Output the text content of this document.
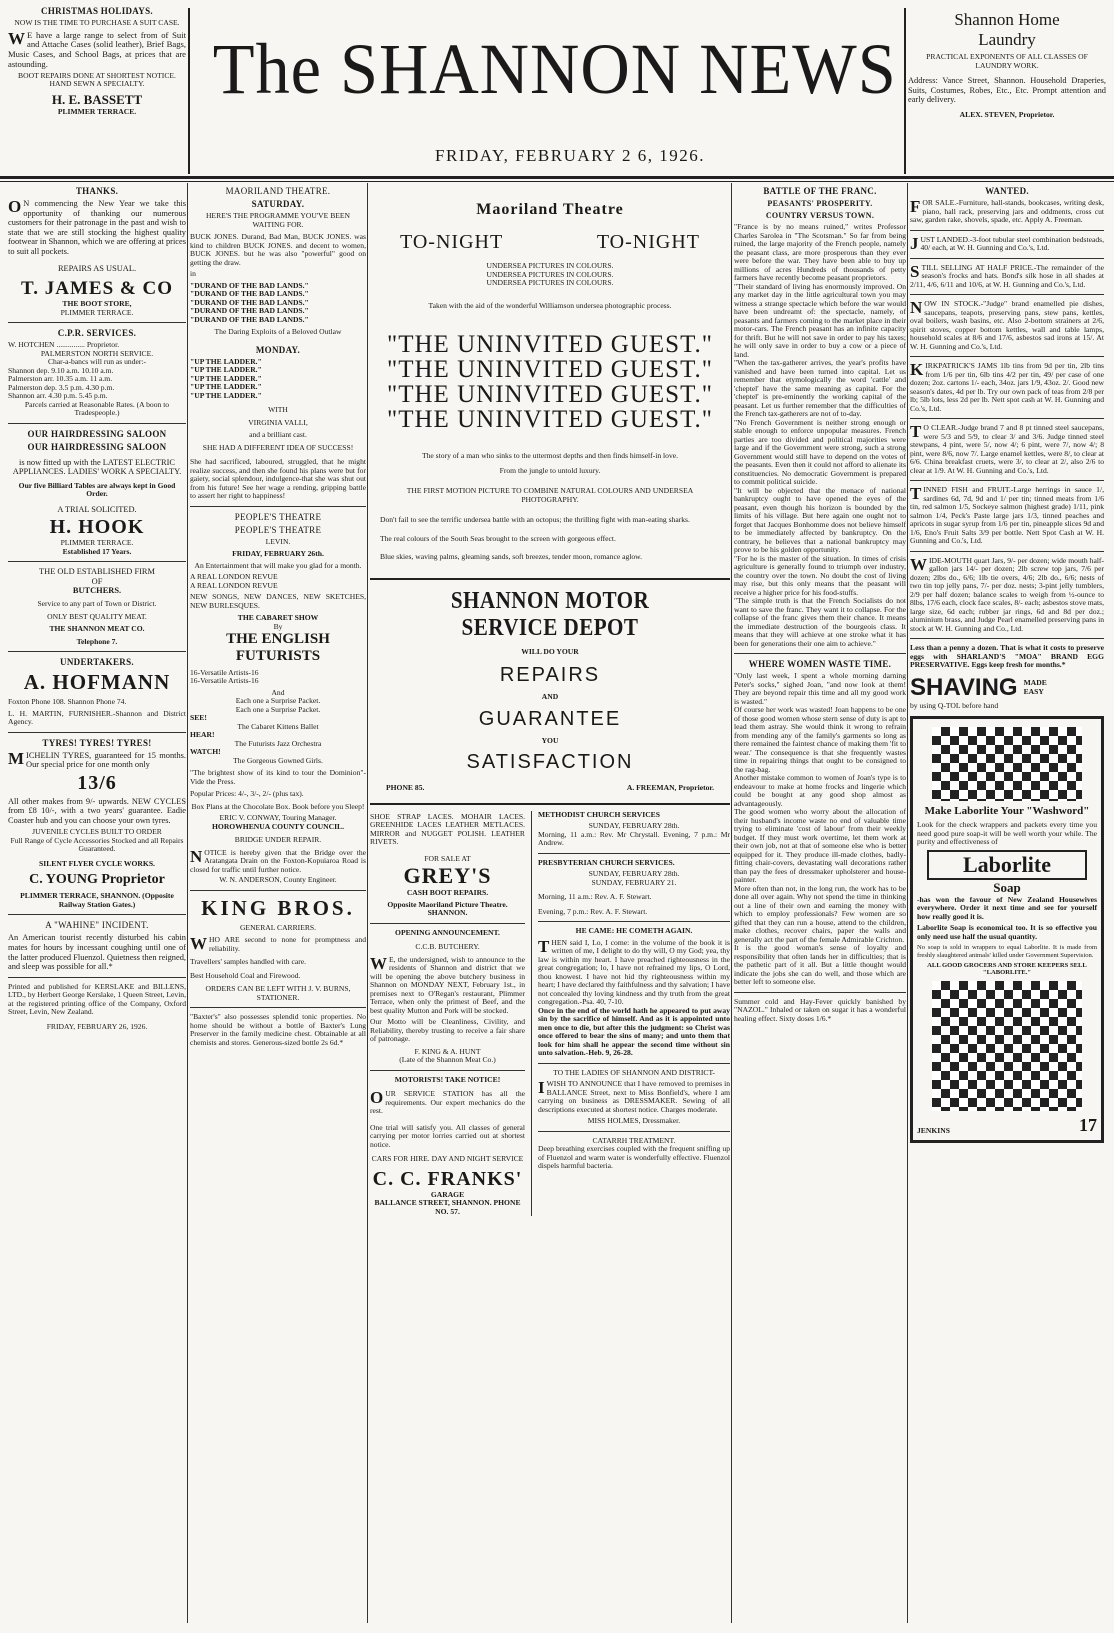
CHRISTMAS HOLIDAYS.

NOW IS THE TIME TO PURCHASE A SUIT CASE.

WE have a large range to select from of Suit and Attache Cases (solid leather), Brief Bags, Music Cases, and School Bags, at prices that are astounding.

BOOT REPAIRS DONE AT SHORTEST NOTICE.

HAND SEWN A SPECIALTY.

H. E. BASSETT

PLIMMER TERRACE.

The SHANNON NEWS
FRIDAY, FEBRUARY 2 6, 1926.
Shannon Home Laundry

PRACTICAL EXPONENTS OF ALL CLASSES OF LAUNDRY WORK.

Address: Vance Street, Shannon. Household Draperies, Suits, Costumes, Robes, Etc., Etc. Prompt attention and early delivery.

ALEX. STEVEN, Proprietor.

THANKS.

ON commencing the New Year we take this opportunity of thanking our numerous customers for their patronage in the past and wish to state that we are still stocking the highest quality footwear in Shannon, which we are offering at prices to suit all pockets.

REPAIRS AS USUAL.

T. JAMES & CO

THE BOOT STORE,

PLIMMER TERRACE.

C.P.R. SERVICES.

W. HOTCHEN ............... Proprietor.

PALMERSTON NORTH SERVICE.

Char-a-bancs will run as under:-

Shannon dep. 9.10 a.m. 10.10 a.m.

Palmerston arr. 10.35 a.m. 11 a.m.

Palmerston dep. 3.5 p.m. 4.30 p.m.

Shannon arr. 4.30 p.m. 5.45 p.m.

Parcels carried at Reasonable Rates. (A boon to Tradespeople.)

OUR HAIRDRESSING SALOON
OUR HAIRDRESSING SALOON

is now fitted up with the LATEST ELECTRIC APPLIANCES. LADIES' WORK A SPECIALTY.

Our five Billiard Tables are always kept in Good Order.

A TRIAL SOLICITED.

H. HOOK

PLIMMER TERRACE.

Established 17 Years.

THE OLD ESTABLISHED FIRM

OF

BUTCHERS.

Service to any part of Town or District.

ONLY BEST QUALITY MEAT.

THE SHANNON MEAT CO.

Telephone 7.

UNDERTAKERS.
A. HOFMANN

Foxton Phone 108. Shannon Phone 74.

L. H. MARTIN, FURNISHER.-Shannon and District Agency.

TYRES! TYRES! TYRES!

MICHELIN TYRES, guaranteed for 15 months. Our special price for one month only

13/6

All other makes from 9/- upwards. NEW CYCLES from £8 10/-, with a two years' guarantee. Eadie Coaster hub and you can choose your own tyres.

JUVENILE CYCLES BUILT TO ORDER

Full Range of Cycle Accessories Stocked and all Repairs Guaranteed.

SILENT FLYER CYCLE WORKS.

C. YOUNG Proprietor

PLIMMER TERRACE, SHANNON. (Opposite Railway Station Gates.)

A "WAHINE" INCIDENT.

An American tourist recently disturbed his cabin mates for hours by incessant coughing until one of the latter produced Fluenzol. Quietness then reigned, and sleep was possible for all.*

Printed and published for KERSLAKE and BILLENS, LTD., by Herbert George Kerslake, 1 Queen Street, Levin, at the registered printing office of the Company, Oxford Street, Levin, New Zealand.

FRIDAY, FEBRUARY 26, 1926.

MAORILAND THEATRE.
SATURDAY.

HERE'S THE PROGRAMME YOU'VE BEEN WAITING FOR.

BUCK JONES. Durand, Bad Man, BUCK JONES. was kind to children BUCK JONES. and decent to women, BUCK JONES. but he was also "powerful" good on getting the draw.

in

"DURAND OF THE BAD LANDS."

"DURAND OF THE BAD LANDS."

"DURAND OF THE BAD LANDS."

"DURAND OF THE BAD LANDS."

"DURAND OF THE BAD LANDS."

The Daring Exploits of a Beloved Outlaw

MONDAY.

"UP THE LADDER."

"UP THE LADDER."

"UP THE LADDER."

"UP THE LADDER."

"UP THE LADDER."

WITH

VIRGINIA VALLI,

and a brilliant cast.

SHE HAD A DIFFERENT IDEA OF SUCCESS!

She had sacrificed, laboured, struggled, that he might realize success, and then she found his plans were but for gaiety, social splendour, indulgence-that she was shut out from his future! See her wage a rending, gripping battle to assert her right to happiness!

PEOPLE'S THEATRE
PEOPLE'S THEATRE

LEVIN.

FRIDAY, FEBRUARY 26th.

An Entertainment that will make you glad for a month.

A REAL LONDON REVUE

A REAL LONDON REVUE

NEW SONGS, NEW DANCES, NEW SKETCHES, NEW BURLESQUES.

THE CABARET SHOW

By

THE ENGLISH FUTURISTS

16-Versatile Artists-16

16-Versatile Artists-16

And

Each one a Surprise Packet.

Each one a Surprise Packet.

SEE!

The Cabaret Kittens Ballet

HEAR!

The Futurists Jazz Orchestra

WATCH!

The Gorgeous Gowned Girls.

"The brightest show of its kind to tour the Dominion"-Vide the Press.

Popular Prices: 4/-, 3/-, 2/- (plus tax).

Box Plans at the Chocolate Box. Book before you Sleep!

ERIC V. CONWAY, Touring Manager.

HOROWHENUA COUNTY COUNCIL.

BRIDGE UNDER REPAIR.

NOTICE is hereby given that the Bridge over the Aratangata Drain on the Foxton-Kopuiaroa Road is closed for traffic until further notice.

W. N. ANDERSON, County Engineer.

KING BROS.

GENERAL CARRIERS.

WHO ARE second to none for promptness and reliability.

Travellers' samples handled with care.

Best Household Coal and Firewood.

ORDERS CAN BE LEFT WITH J. V. BURNS, STATIONER.

"Baxter's" also possesses splendid tonic properties. No home should be without a bottle of Baxter's Lung Preserver in the family medicine chest. Obtainable at all chemists and stores. Generous-sized bottle 2s 6d.*

Maoriland Theatre
TO-NIGHT	TO-NIGHT

UNDERSEA PICTURES IN COLOURS.

UNDERSEA PICTURES IN COLOURS.

UNDERSEA PICTURES IN COLOURS.

Taken with the aid of the wonderful Williamson undersea photographic process.

"THE UNINVITED GUEST."
"THE UNINVITED GUEST."
"THE UNINVITED GUEST."
"THE UNINVITED GUEST."

The story of a man who sinks to the uttermost depths and then finds himself-in love.

From the jungle to untold luxury.

THE FIRST MOTION PICTURE TO COMBINE NATURAL COLOURS AND UNDERSEA PHOTOGRAPHY.

Don't fail to see the terrific undersea battle with an octopus; the thrilling fight with man-eating sharks.

The real colours of the South Seas brought to the screen with gorgeous effect.

Blue skies, waving palms, gleaming sands, soft breezes, tender moon, romance aglow.

SHANNON MOTOR SERVICE DEPOT

WILL DO YOUR

REPAIRS

AND

GUARANTEE

YOU

SATISFACTION
PHONE 85.	A. FREEMAN, Proprietor.

SHOE STRAP LACES. MOHAIR LACES. GREENHIDE LACES LEATHER METLACES. MIRROR and NUGGET POLISH. LEATHER RIVETS.

FOR SALE AT

GREY'S

CASH BOOT REPAIRS.

Opposite Maoriland Picture Theatre. SHANNON.

OPENING ANNOUNCEMENT.

C.C.B. BUTCHERY.

WE, the undersigned, wish to announce to the residents of Shannon and district that we will be opening the above butchery business in Shannon on MONDAY NEXT, February 1st., in premises next to O'Regan's restaurant, Plimmer Terrace, when only the primest of Beef, and the best quality Mutton and Pork will be stocked.

Our Motto will be Cleanliness, Civility, and Reliability, thereby trusting to receive a fair share of patronage.

F. KING & A. HUNT

(Late of the Shannon Meat Co.)

MOTORISTS! TAKE NOTICE!

OUR SERVICE STATION has all the requirements. Our expert mechanics do the rest.

One trial will satisfy you. All classes of general carrying per motor lorries carried out at shortest notice.

CARS FOR HIRE. DAY AND NIGHT SERVICE

C. C. FRANKS'

GARAGE

BALLANCE STREET, SHANNON. PHONE NO. 57.

METHODIST CHURCH SERVICES

SUNDAY, FEBRUARY 28th.

Morning, 11 a.m.: Rev. Mr Chrystall. Evening, 7 p.m.: Mr Andrew.

PRESBYTERIAN CHURCH SERVICES.

SUNDAY, FEBRUARY 28th.

SUNDAY, FEBRUARY 21.

Morning, 11 a.m.: Rev. A. F. Stewart.

Evening, 7 p.m.: Rev. A. F. Stewart.

HE CAME: HE COMETH AGAIN.

THEN said I, Lo, I come: in the volume of the book it is written of me, I delight to do thy will, O my God; yea, thy law is within my heart. I have preached righteousness in the great congregation; lo, I have not refrained my lips, O Lord, thou knowest. I have not hid thy righteousness within my heart; I have declared thy faithfulness and thy salvation; I have not concealed thy loving kindness and thy truth from the great congregation.-Psa. 40, 7-10.

Once in the end of the world hath he appeared to put away sin by the sacrifice of himself. And as it is appointed unto men once to die, but after this the judgment: so Christ was once offered to bear the sins of many; and unto them that look for him shall he appear the second time without sin unto salvation.-Heb. 9, 26-28.

TO THE LADIES OF SHANNON AND DISTRICT-

IWISH TO ANNOUNCE that I have removed to premises in BALLANCE Street, next to Miss Bonfield's, where I am carrying on business as DRESSMAKER. Sewing of all descriptions executed at shortest notice. Charges moderate.

MISS HOLMES, Dressmaker.

CATARRH TREATMENT.

Deep breathing exercises coupled with the frequent sniffing up of Fluenzol and warm water is wonderfully effective. Fluenzol dispels harmful bacteria.

BATTLE OF THE FRANC.
PEASANTS' PROSPERITY.
COUNTRY VERSUS TOWN.

"France is by no means ruined," writes Professor Charles Sarolea in "The Scotsman." So far from being ruined, the large majority of the French people, namely the peasant class, are more prosperous than they ever were before the war. They have been able to buy up millions of acres Hundreds of thousands of petty farmers have recently become peasant proprietors.

"Their standard of living has enormously improved. On any market day in the little agricultural town you may witness a strange spectacle which before the war would have been undreamt of: the spectacle, namely, of peasants and farmers coming to the market place in their motor-cars. The French peasant has an infinite capacity for thrift. But he will not save in order to pay his taxes; he will only save in order to buy a cow or a piece of land.

"When the tax-gatherer arrives, the year's profits have vanished and have been turned into capital. Let us remember that etymologically the word 'cattle' and 'cheptel' have the same meaning as capital. For the 'cheptel' is pre-eminently the working capital of the peasant. Let us further remember that the difficulties of the French tax-gatherers are not of to-day.

"No French Government is neither strong enough or stable enough to enforce unpopular measures. French parties are too divided and political majorities were large and if the Government were strong, such a strong Government would still have to depend on the votes of the peasants. Even then it could not afford to alienate its constituencies. No democratic Government is prepared to commit political suicide.

"It will be objected that the menace of national bankruptcy ought to have opened the eyes of the peasant, even though his horizon is bounded by the limits of his village. But here again one ought not to forget that Jacques Bonhomme does not believe himself to be immediately affected by bankruptcy. On the contrary, he believes that a national bankruptcy may prove to be his golden opportunity.

"For he is the master of the situation. In times of crisis agriculture is generally found to triumph over industry, the country over the town. No doubt the cost of living may rise, but this only means that the peasant will receive a higher price for his food-stuffs.

"The simple truth is that the French Socialists do not want to save the franc. They want it to collapse. For the collapse of the franc gives them their chance. It means the immediate destruction of the bourgeois class. It means that they will achieve at one stroke what it has been for generations their one aim to achieve."

WHERE WOMEN WASTE TIME.

"Only last week, I spent a whole morning darning Peter's socks," sighed Joan, "and now look at them! They are beyond repair this time and all my good work is wasted."

Of course her work was wasted! Joan happens to be one of those good women whose stern sense of duty is apt to lead them astray. She would think it wrong to refrain from mending any of the family's garments so long as there remained the faintest chance of making them 'fit to wear.' The consequence is that she frequently wastes time in repairing things that ought to be consigned to the rag-bag.

Another mistake common to women of Joan's type is to endeavour to make at home frocks and lingerie which could be bought at any good shop almost as advantageously.

The good women who worry about the allocation of their husband's income waste no end of valuable time trying to eliminate 'cost of labour' from their weekly budget. If they must work overtime, let them work at their own job, not at that of someone else who is better equipped for it. They produce ill-made clothes, badly-fitting chair-covers, devastating wall decorations rather than pay the fees of dressmaker upholsterer and house-painter.

More often than not, in the long run, the work has to be done all over again. Why not spend the time in thinking out a line of their own and earning the money with which to employ professionals? Few women are so gifted that they can run a house, attend to the children, make clothes, recover chairs, paper the walls and generally act the part of the female Admirable Crichton.

It is the good woman's sense of loyalty and responsibility that often lands her in difficulties; that is the pathetic part of it all. But a little thought would indicate the jobs she can do well, and those which are better left to someone else.

Summer cold and Hay-Fever quickly banished by "NAZOL." Inhaled or taken on sugar it has a wonderful healing effect. Sixty doses 1/6.*

WANTED.

FOR SALE.-Furniture, hall-stands, bookcases, writing desk, piano, hall rack, preserving jars and oddments, cross cut saw, garden rake, shovels, spade, etc. Apply A. Freeman.

JUST LANDED.-3-foot tubular steel combination bedsteads, 40/ each, at W. H. Gunning and Co.'s, Ltd.

STILL SELLING AT HALF PRICE.-The remainder of the season's frocks and hats. Bond's silk hose in all shades at 2/11, 4/6, 6/11 and 10/6, at W. H. Gunning and Co.'s, Ltd.

NOW IN STOCK.-"Judge" brand enamelled pie dishes, saucepans, teapots, preserving pans, stew pans, kettles, oval boilers, wash basins, etc. Also 2-bottom strainers at 2/6, spirit stoves, copper bottom kettles, wall and table lamps, household scales at 8/6 and 17/6, asbestos sad irons at 15/. At W. H. Gunning and Co.'s, Ltd.

KIRKPATRICK'S JAMS 1lb tins from 9d per tin, 2lb tins from 1/6 per tin, 6lb tins 4/2 per tin, 49/ per case of one dozen; 2oz. cartons 1/- each, 34oz. jars 1/9, 43oz. 2/. Good new season's dates, 4d per lb. Try our own pack of teas from 2/8 per lb; 5lb lots, less 2d per lb. Nett spot cash at W. H. Gunning and Co.'s, Ltd.

TO CLEAR.-Judge brand 7 and 8 pt tinned steel saucepans, were 5/3 and 5/9, to clear 3/ and 3/6. Judge tinned steel stewpans, 4 pint, were 5/, now 4/; 6 pint, were 7/, now 4/; 8 pint, were 8/6, now 7/. Large enamel kettles, were 8/, to clear at 6/6. China breakfast cruets, were 3/, to clear at 2/, also 2/6 to clear at 1/9. At W. H. Gunning and Co.'s, Ltd.

TINNED FISH and FRUIT.-Large herrings in sauce 1/, sardines 6d, 7d, 9d and 1/ per tin; tinned meats from 1/6 tin, red salmon 1/5, Sockeye salmon (highest grade) 1/11, pink salmon 1/4, Peck's Paste large jars 1/3, tinned peaches and apricots in sugar syrup from 1/6 per tin, pineapple slices 9d and 1/6, Eno's Fruit Salts 3/9 per bottle. Nett Spot Cash at W. H. Gunning and Co.'s, Ltd.

WIDE-MOUTH quart Jars, 9/- per dozen; wide mouth half-gallon jars 14/- per dozen; 2lb screw top jars, 7/6 per dozen; 2lbs do., 6/6; 1lb tie overs, 4/6; 2lb do., 6/6; nests of two tin top jelly pans, 7/- per doz. nests; 3-pint jelly tumblers, 2/9 per half dozen; balance scales to weigh from ½-ounce to 8lbs, 17/6 each, clock face scales, 8/- each; asbestos stove mats, large size, 6d each; rubber jar rings, 6d and 8d per doz.; aluminium brass, and Judge Pearl enamelled preserving pans in stock at W. H. Gunning and Co., Ltd.

Less than a penny a dozen. That is what it costs to preserve eggs with SHARLAND'S "MOA" BRAND EGG PRESERVATIVE. Eggs keep fresh for months.*

SHAVING MADE
EASY

by using Q-TOL before hand

Make Laborlite Your "Washword"

Look for the check wrappers and packets every time you need good pure soap-it will be well worth your while. The purity and effectiveness of

Laborlite
Soap

-has won the favour of New Zealand Housewives everywhere. Order it next time and see for yourself how really good it is.

Laborlite Soap is economical too. It is so effective you only need use half the usual quantity.

No soap is sold in wrappers to equal Laborlite. It is made from freshly slaughtered animals' killed under Government Supervision.

ALL GOOD GROCERS AND STORE KEEPERS SELL "LABORLITE."

JENKINS	17
